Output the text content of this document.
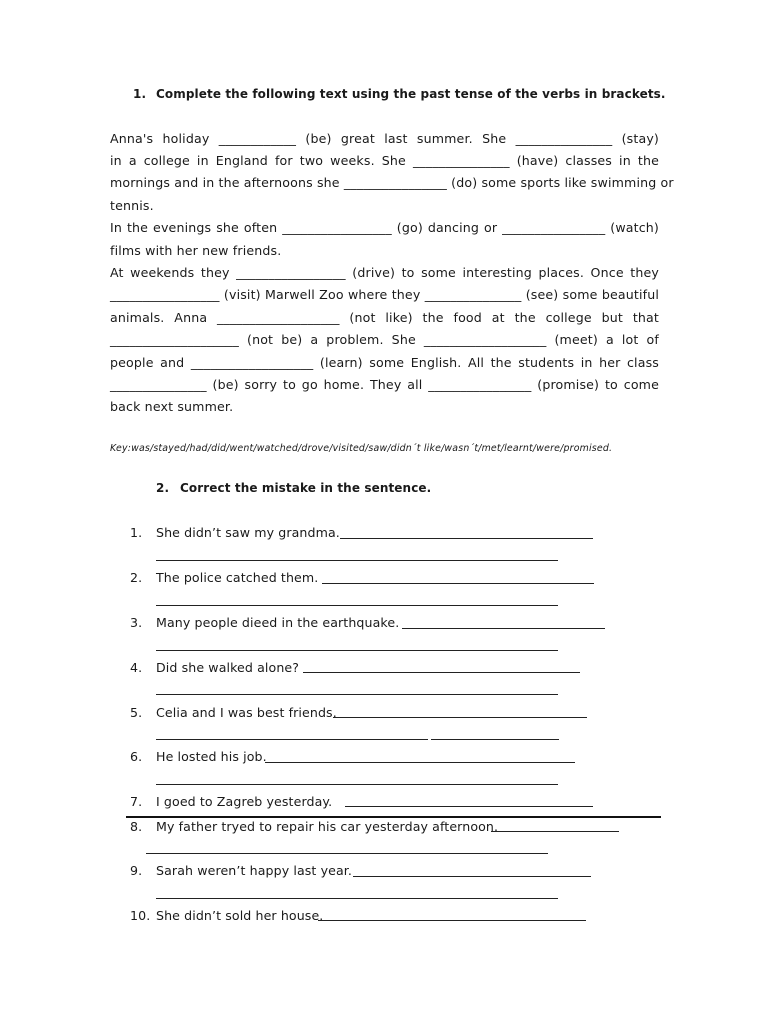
1. Complete the following text using the past tense of the verbs in brackets.
Anna's holiday ____________ (be) great last summer. She _______________ (stay)
in a college in England for two weeks. She _______________ (have) classes in the
mornings and in the afternoons she ________________ (do) some sports like swimming or
tennis.
In the evenings she often _________________ (go) dancing or ________________ (watch)
films with her new friends.
At weekends they _________________ (drive) to some interesting places. Once they
_________________ (visit) Marwell Zoo where they _______________ (see) some beautiful
animals. Anna ___________________ (not like) the food at the college but that
____________________ (not be) a problem. She ___________________ (meet) a lot of
people and ___________________ (learn) some English. All the students in her class
_______________ (be) sorry to go home. They all ________________ (promise) to come
back next summer.
Key:was/stayed/had/did/went/watched/drove/visited/saw/didn´t like/wasn´t/met/learnt/were/promised.
2. Correct the mistake in the sentence.
1. She didn’t saw my grandma.
2. The police catched them.
3. Many people dieed in the earthquake.
4. Did she walked alone?
5. Celia and I was best friends.
6. He losted his job.
7. I goed to Zagreb yesterday.
8. My father tryed to repair his car yesterday afternoon.
9. Sarah weren’t happy last year.
10. She didn’t sold her house.
